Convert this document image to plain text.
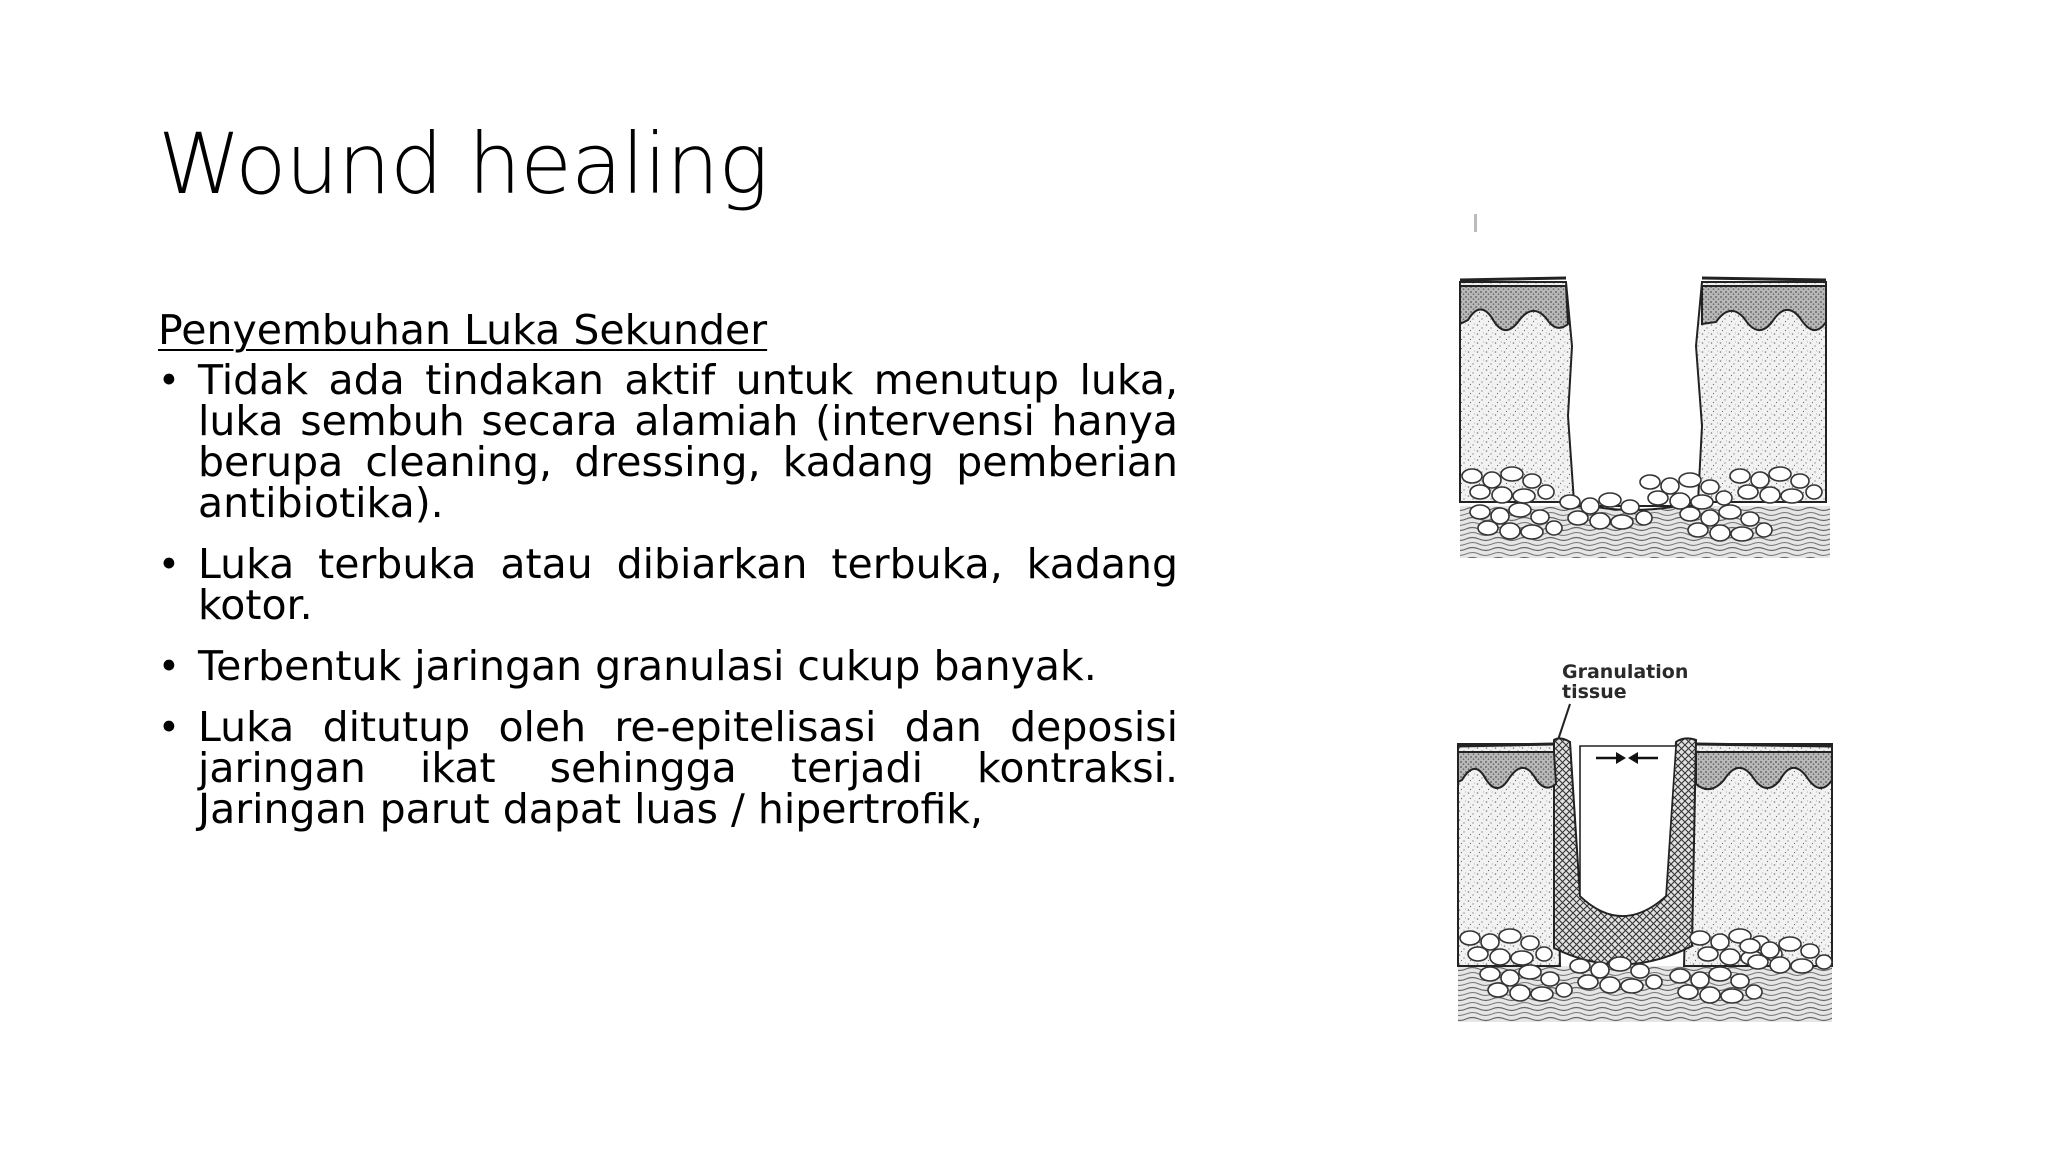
Wound healing

Penyembuhan Luka Sekunder

• Tidak ada tindakan aktif untuk menutup luka, luka sembuh secara alamiah (intervensi hanya berupa cleaning, dressing, kadang pemberian antibiotika).
• Luka terbuka atau dibiarkan terbuka, kadang kotor.
• Terbentuk jaringan granulasi cukup banyak.
• Luka ditutup oleh re-epitelisasi dan deposisi jaringan ikat sehingga terjadi kontraksi. Jaringan parut dapat luas / hipertrofik,
Granulation
tissue
